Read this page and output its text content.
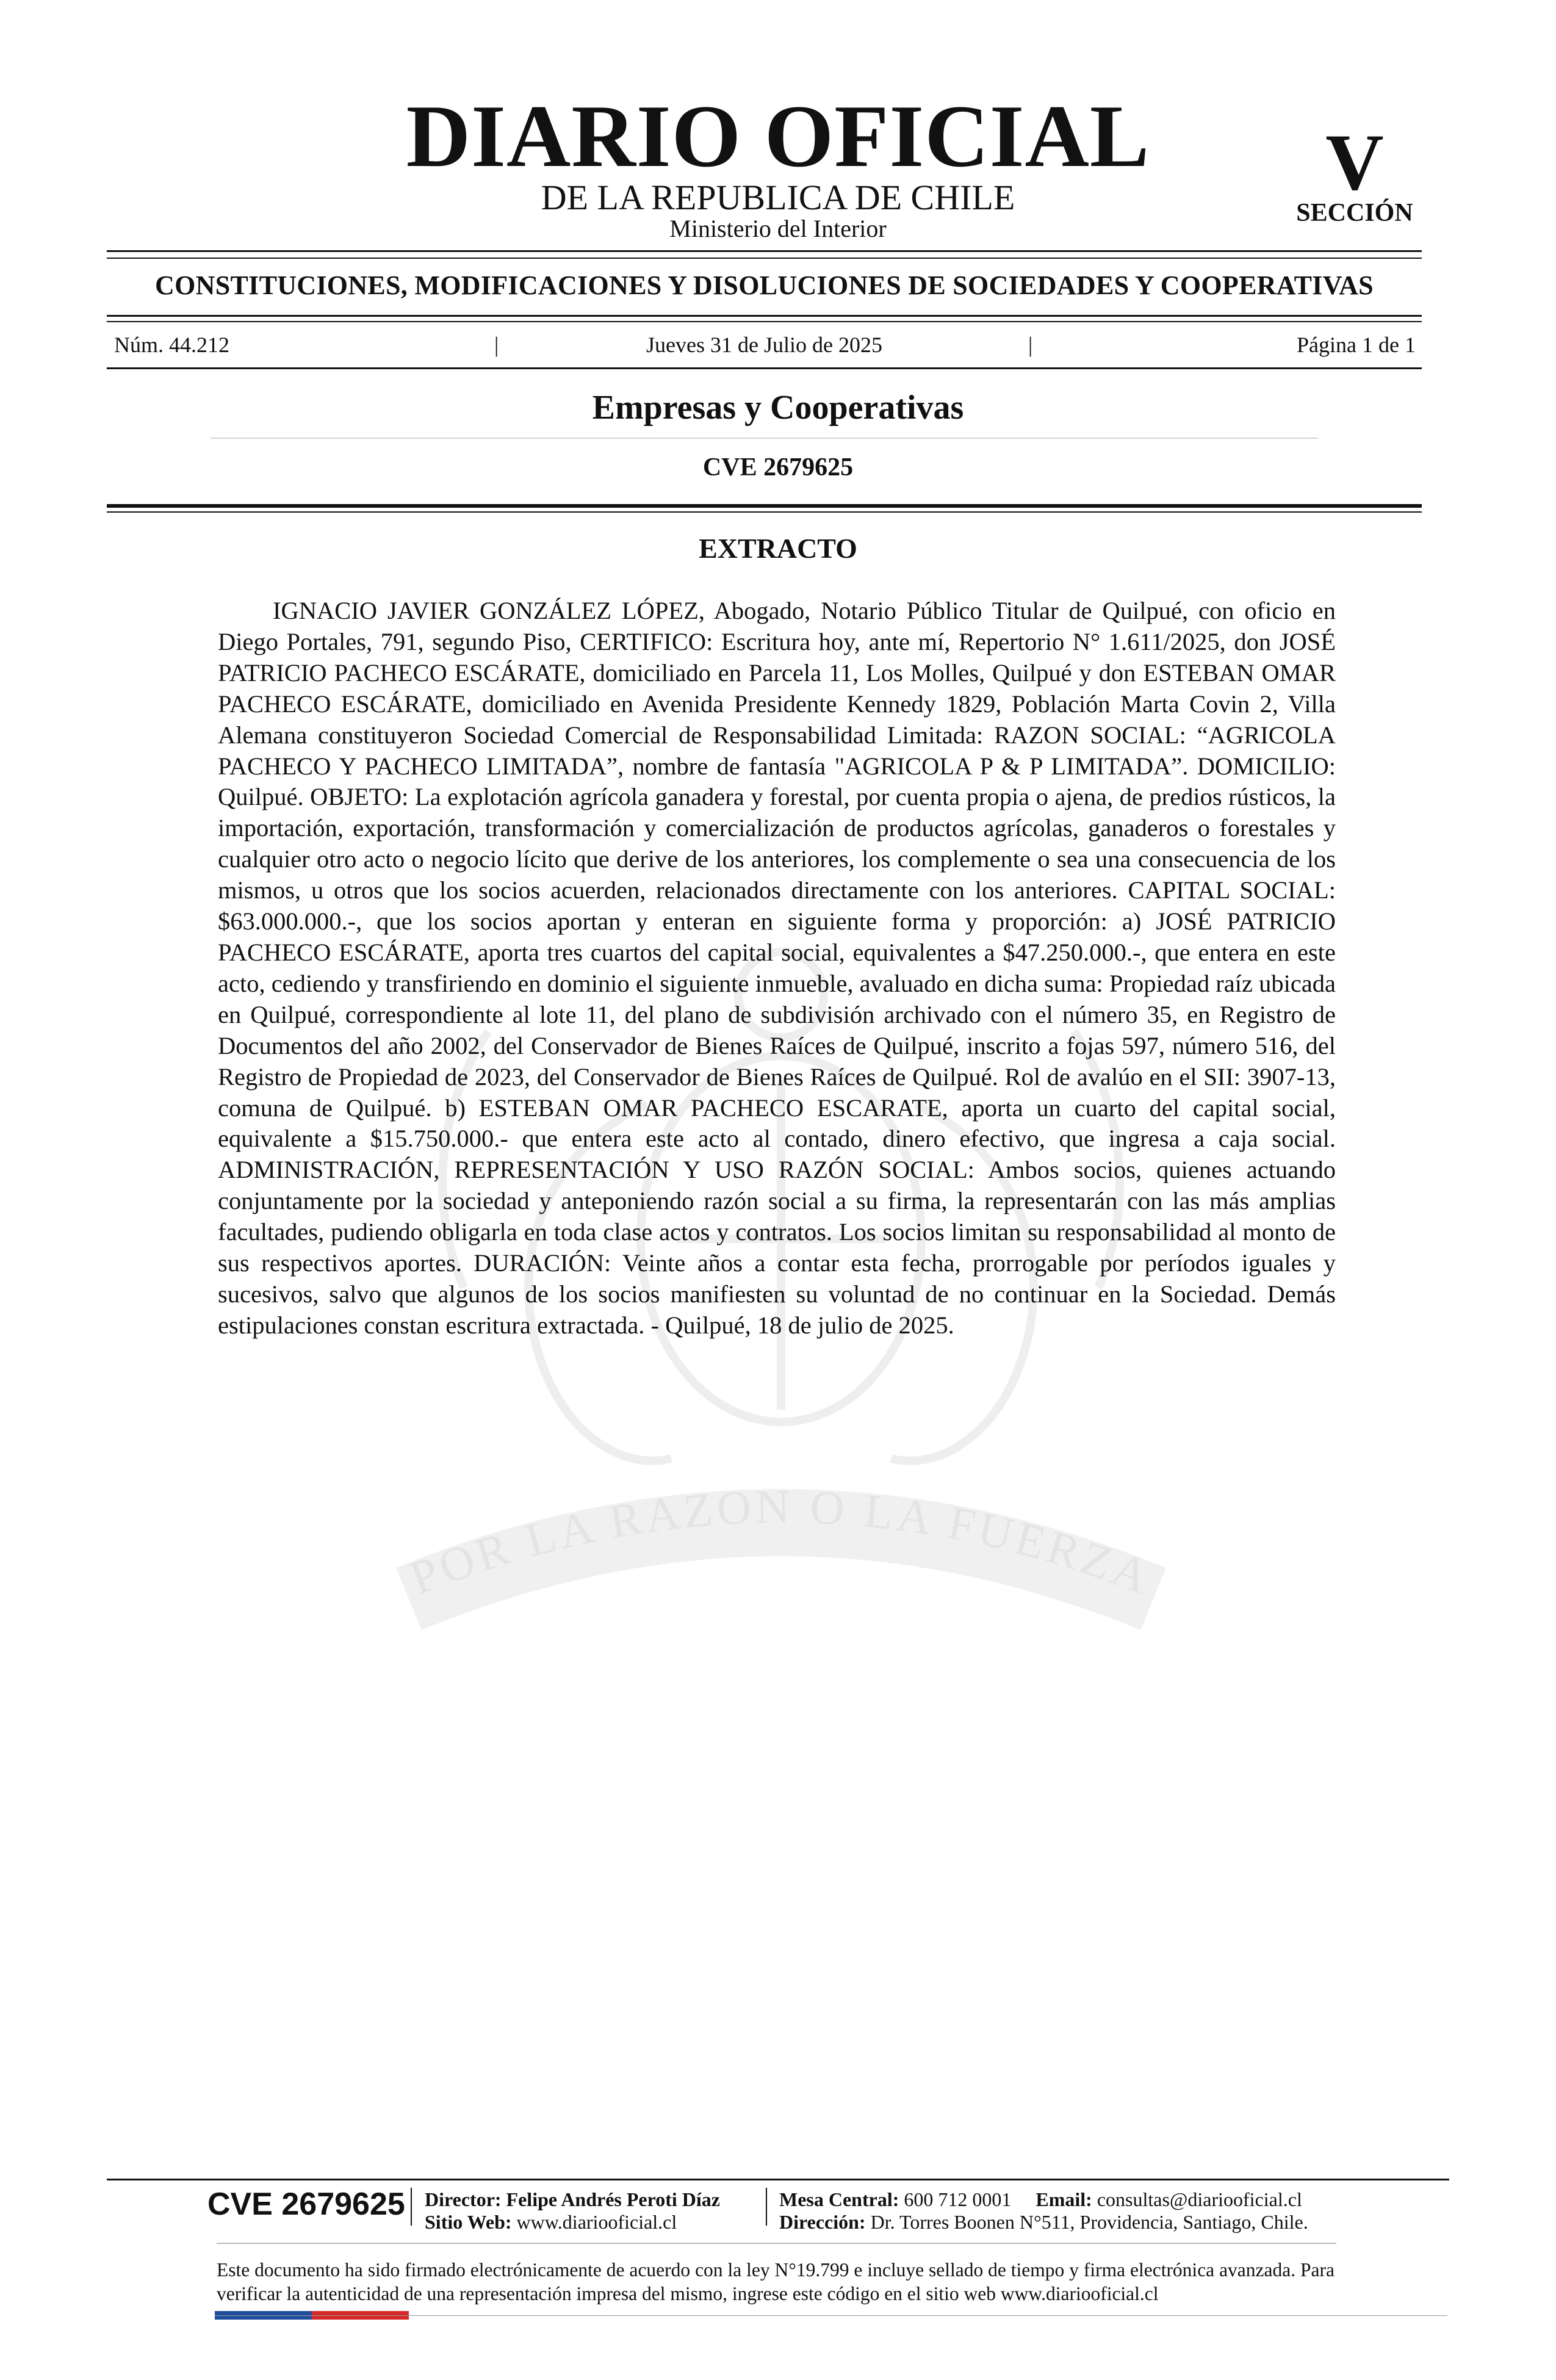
POR LA RAZON O LA FUERZA
DIARIO OFICIAL
DE LA REPUBLICA DE CHILE
Ministerio del Interior
V
SECCIÓN
CONSTITUCIONES, MODIFICACIONES Y DISOLUCIONES DE SOCIEDADES Y COOPERATIVAS
Núm. 44.212	|	Jueves 31 de Julio de 2025	|	Página 1 de 1
Empresas y Cooperativas
CVE 2679625
EXTRACTO

IGNACIO JAVIER GONZÁLEZ LÓPEZ, Abogado, Notario Público Titular de Quilpué, con oficio en Diego Portales, 791, segundo Piso, CERTIFICO: Escritura hoy, ante mí, Repertorio N° 1.611/2025, don JOSÉ PATRICIO PACHECO ESCÁRATE, domiciliado en Parcela 11, Los Molles, Quilpué y don ESTEBAN OMAR PACHECO ESCÁRATE, domiciliado en Avenida Presidente Kennedy 1829, Población Marta Covin 2, Villa Alemana constituyeron Sociedad Comercial de Responsabilidad Limitada: RAZON SOCIAL: “AGRICOLA PACHECO Y PACHECO LIMITADA”, nombre de fantasía "AGRICOLA P & P LIMITADA”. DOMICILIO: Quilpué. OBJETO: La explotación agrícola ganadera y forestal, por cuenta propia o ajena, de predios rústicos, la importación, exportación, transformación y comercialización de productos agrícolas, ganaderos o forestales y cualquier otro acto o negocio lícito que derive de los anteriores, los complemente o sea una consecuencia de los mismos, u otros que los socios acuerden, relacionados directamente con los anteriores. CAPITAL SOCIAL: $63.000.000.-, que los socios aportan y enteran en siguiente forma y proporción: a) JOSÉ PATRICIO PACHECO ESCÁRATE, aporta tres cuartos del capital social, equivalentes a $47.250.000.-, que entera en este acto, cediendo y transfiriendo en dominio el siguiente inmueble, avaluado en dicha suma: Propiedad raíz ubicada en Quilpué, correspondiente al lote 11, del plano de subdivisión archivado con el número 35, en Registro de Documentos del año 2002, del Conservador de Bienes Raíces de Quilpué, inscrito a fojas 597, número 516, del Registro de Propiedad de 2023, del Conservador de Bienes Raíces de Quilpué. Rol de avalúo en el SII: 3907-13, comuna de Quilpué. b) ESTEBAN OMAR PACHECO ESCARATE, aporta un cuarto del capital social, equivalente a $15.750.000.- que entera este acto al contado, dinero efectivo, que ingresa a caja social. ADMINISTRACIÓN, REPRESENTACIÓN Y USO RAZÓN SOCIAL: Ambos socios, quienes actuando conjuntamente por la sociedad y anteponiendo razón social a su firma, la representarán con las más amplias facultades, pudiendo obligarla en toda clase actos y contratos. Los socios limitan su responsabilidad al monto de sus respectivos aportes. DURACIÓN: Veinte años a contar esta fecha, prorrogable por períodos iguales y sucesivos, salvo que algunos de los socios manifiesten su voluntad de no continuar en la Sociedad. Demás estipulaciones constan escritura extractada. - Quilpué, 18 de julio de 2025.

CVE 2679625 Director: Felipe Andrés Peroti Díaz
Sitio Web: www.diariooficial.cl
Mesa Central: 600 712 0001 Email: consultas@diariooficial.cl
Dirección: Dr. Torres Boonen N°511, Providencia, Santiago, Chile.

Este documento ha sido firmado electrónicamente de acuerdo con la ley N°19.799 e incluye sellado de tiempo y firma electrónica avanzada. Para verificar la autenticidad de una representación impresa del mismo, ingrese este código en el sitio web www.diariooficial.cl
